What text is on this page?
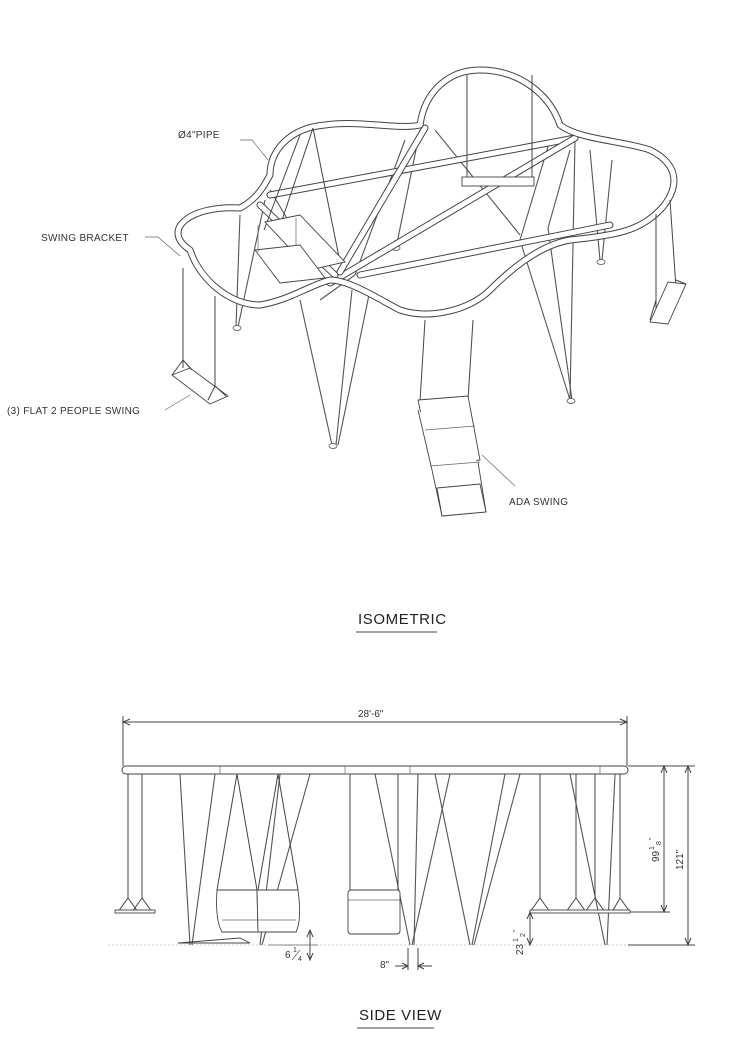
Ø4"PIPE
SWING BRACKET
(3) FLAT 2 PEOPLE SWING
ADA SWING
ISOMETRIC
28'-6"
121"
99
1
8
"
23
1
2
"
6 1
4
8"
SIDE VIEW
